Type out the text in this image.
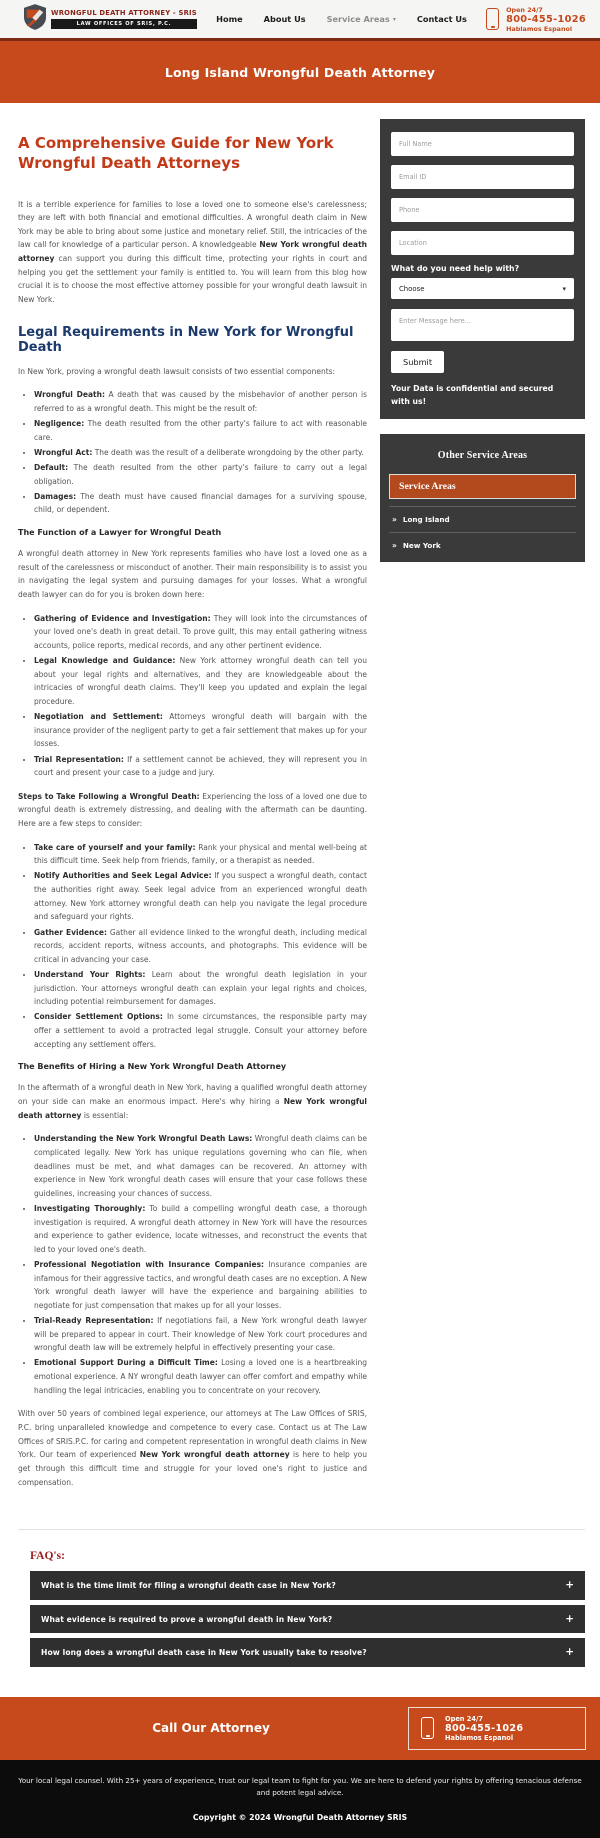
WRONGFUL DEATH ATTORNEY - SRIS
LAW OFFICES OF SRIS, P.C.	Home	About Us	Service Areas ▾	Contact Us
Open 24/7
800-455-1026
Hablamos Espanol
Long Island Wrongful Death Attorney
A Comprehensive Guide for New York Wrongful Death Attorneys

It is a terrible experience for families to lose a loved one to someone else's carelessness; they are left with both financial and emotional difficulties. A wrongful death claim in New York may be able to bring about some justice and monetary relief. Still, the intricacies of the law call for knowledge of a particular person. A knowledgeable New York wrongful death attorney can support you during this difficult time, protecting your rights in court and helping you get the settlement your family is entitled to. You will learn from this blog how crucial it is to choose the most effective attorney possible for your wrongful death lawsuit in New York.

Legal Requirements in New York for Wrongful Death

In New York, proving a wrongful death lawsuit consists of two essential components:

• Wrongful Death: A death that was caused by the misbehavior of another person is referred to as a wrongful death. This might be the result of:
• Negligence: The death resulted from the other party's failure to act with reasonable care.
• Wrongful Act: The death was the result of a deliberate wrongdoing by the other party.
• Default: The death resulted from the other party's failure to carry out a legal obligation.
• Damages: The death must have caused financial damages for a surviving spouse, child, or dependent.
The Function of a Lawyer for Wrongful Death

A wrongful death attorney in New York represents families who have lost a loved one as a result of the carelessness or misconduct of another. Their main responsibility is to assist you in navigating the legal system and pursuing damages for your losses. What a wrongful death lawyer can do for you is broken down here:

• Gathering of Evidence and Investigation: They will look into the circumstances of your loved one's death in great detail. To prove guilt, this may entail gathering witness accounts, police reports, medical records, and any other pertinent evidence.
• Legal Knowledge and Guidance: New York attorney wrongful death can tell you about your legal rights and alternatives, and they are knowledgeable about the intricacies of wrongful death claims. They'll keep you updated and explain the legal procedure.
• Negotiation and Settlement: Attorneys wrongful death will bargain with the insurance provider of the negligent party to get a fair settlement that makes up for your losses.
• Trial Representation: If a settlement cannot be achieved, they will represent you in court and present your case to a judge and jury.

Steps to Take Following a Wrongful Death: Experiencing the loss of a loved one due to wrongful death is extremely distressing, and dealing with the aftermath can be daunting. Here are a few steps to consider:

• Take care of yourself and your family: Rank your physical and mental well-being at this difficult time. Seek help from friends, family, or a therapist as needed.
• Notify Authorities and Seek Legal Advice: If you suspect a wrongful death, contact the authorities right away. Seek legal advice from an experienced wrongful death attorney. New York attorney wrongful death can help you navigate the legal procedure and safeguard your rights.
• Gather Evidence: Gather all evidence linked to the wrongful death, including medical records, accident reports, witness accounts, and photographs. This evidence will be critical in advancing your case.
• Understand Your Rights: Learn about the wrongful death legislation in your jurisdiction. Your attorneys wrongful death can explain your legal rights and choices, including potential reimbursement for damages.
• Consider Settlement Options: In some circumstances, the responsible party may offer a settlement to avoid a protracted legal struggle. Consult your attorney before accepting any settlement offers.
The Benefits of Hiring a New York Wrongful Death Attorney

In the aftermath of a wrongful death in New York, having a qualified wrongful death attorney on your side can make an enormous impact. Here's why hiring a New York wrongful death attorney is essential:

• Understanding the New York Wrongful Death Laws: Wrongful death claims can be complicated legally. New York has unique regulations governing who can file, when deadlines must be met, and what damages can be recovered. An attorney with experience in New York wrongful death cases will ensure that your case follows these guidelines, increasing your chances of success.
• Investigating Thoroughly: To build a compelling wrongful death case, a thorough investigation is required. A wrongful death attorney in New York will have the resources and experience to gather evidence, locate witnesses, and reconstruct the events that led to your loved one's death.
• Professional Negotiation with Insurance Companies: Insurance companies are infamous for their aggressive tactics, and wrongful death cases are no exception. A New York wrongful death lawyer will have the experience and bargaining abilities to negotiate for just compensation that makes up for all your losses.
• Trial-Ready Representation: If negotiations fail, a New York wrongful death lawyer will be prepared to appear in court. Their knowledge of New York court procedures and wrongful death law will be extremely helpful in effectively presenting your case.
• Emotional Support During a Difficult Time: Losing a loved one is a heartbreaking emotional experience. A NY wrongful death lawyer can offer comfort and empathy while handling the legal intricacies, enabling you to concentrate on your recovery.

With over 50 years of combined legal experience, our attorneys at The Law Offices of SRIS, P.C. bring unparalleled knowledge and competence to every case. Contact us at The Law Offices of SRIS.P.C. for caring and competent representation in wrongful death claims in New York. Our team of experienced New York wrongful death attorney is here to help you get through this difficult time and struggle for your loved one's right to justice and compensation.

Full Name
Email ID
Phone
Location
What do you need help with?
Choose	▾
Enter Message here... Submit
Your Data is confidential and secured with us!
Other Service Areas
Service Areas
» Long Island
» New York
FAQ's:
What is the time limit for filing a wrongful death case in New York?	+
What evidence is required to prove a wrongful death in New York?	+
How long does a wrongful death case in New York usually take to resolve?	+
Call Our Attorney
Open 24/7
800-455-1026
Hablamos Espanol

Your local legal counsel. With 25+ years of experience, trust our legal team to fight for you. We are here to defend your rights by offering tenacious defense and potent legal advice.

Copyright © 2024 Wrongful Death Attorney SRIS
